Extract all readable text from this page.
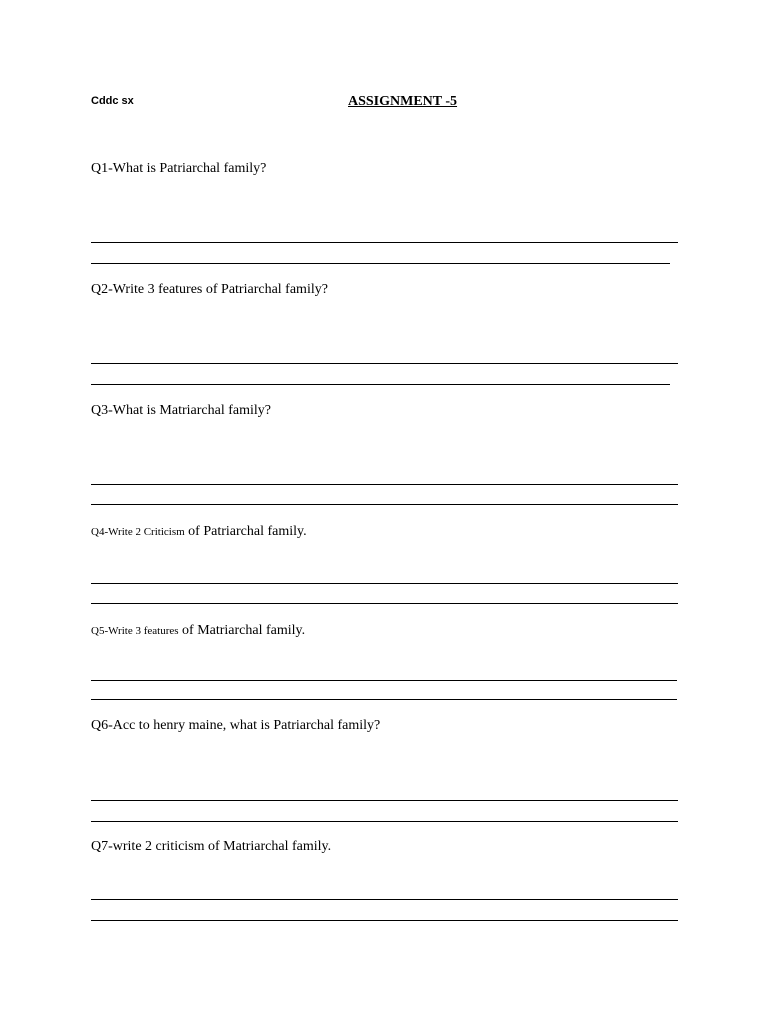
Cddc sx	ASSIGNMENT -5
Q1-What is Patriarchal family?
Q2-Write 3 features of Patriarchal family?
Q3-What is Matriarchal family?
Q4-Write 2 Criticism of Patriarchal family.
Q5-Write 3 features of Matriarchal family.
Q6-Acc to henry maine, what is Patriarchal family?
Q7-write 2 criticism of Matriarchal family.
